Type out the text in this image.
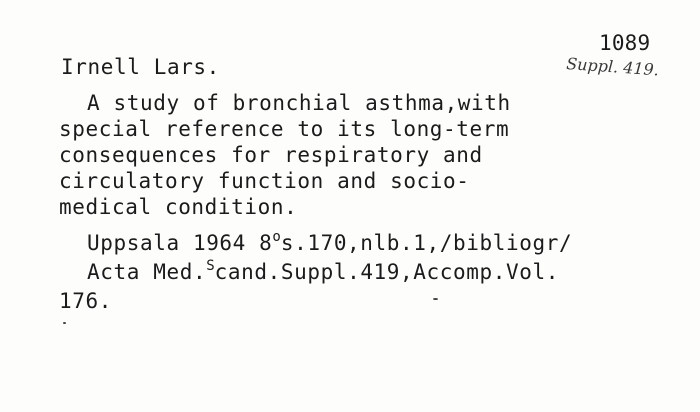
1089
Suppl. 419.
Irnell Lars.
A study of bronchial asthma,with
special reference to its long-term
consequences for respiratory and
circulatory function and socio-
medical condition.
Uppsala 1964 8$^o$s.170,nlb.1,/bibliogr/
Acta Med.$^S$cand.Suppl.419,Accomp.Vol.
176.
